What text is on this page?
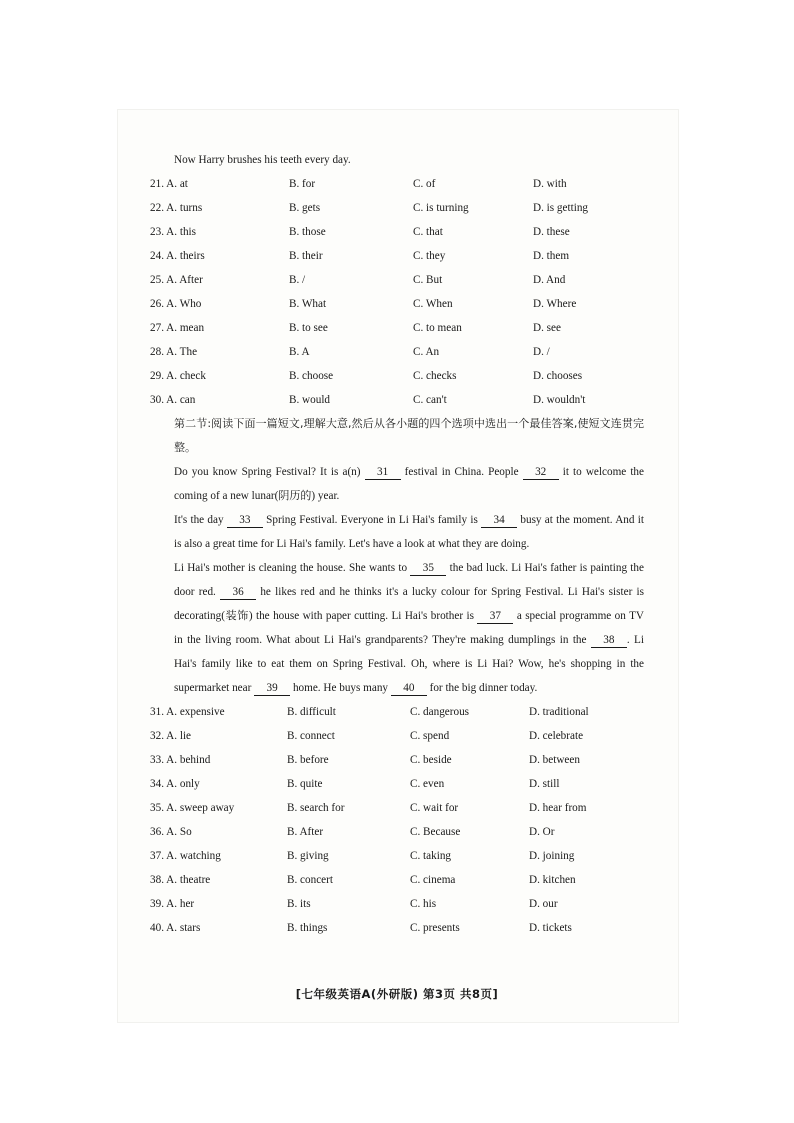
Now Harry brushes his teeth every day.
21. A. at	B. for	C. of	D. with
22. A. turns	B. gets	C. is turning	D. is getting
23. A. this	B. those	C. that	D. these
24. A. theirs	B. their	C. they	D. them
25. A. After	B. /	C. But	D. And
26. A. Who	B. What	C. When	D. Where
27. A. mean	B. to see	C. to mean	D. see
28. A. The	B. A	C. An	D. /
29. A. check	B. choose	C. checks	D. chooses
30. A. can	B. would	C. can't	D. wouldn't
第二节:阅读下面一篇短文,理解大意,然后从各小题的四个选项中选出一个最佳答案,使短文连贯完整。
Do you know Spring Festival? It is a(n) 31 festival in China. People 32 it to welcome the coming of a new lunar(阴历的) year.
It's the day 33 Spring Festival. Everyone in Li Hai's family is 34 busy at the moment. And it is also a great time for Li Hai's family. Let's have a look at what they are doing.
Li Hai's mother is cleaning the house. She wants to 35 the bad luck. Li Hai's father is painting the door red. 36 he likes red and he thinks it's a lucky colour for Spring Festival. Li Hai's sister is decorating(装饰) the house with paper cutting. Li Hai's brother is 37 a special programme on TV in the living room. What about Li Hai's grandparents? They're making dumplings in the 38 . Li Hai's family like to eat them on Spring Festival. Oh, where is Li Hai? Wow, he's shopping in the supermarket near 39 home. He buys many 40 for the big dinner today.
31. A. expensive	B. difficult	C. dangerous	D. traditional
32. A. lie	B. connect	C. spend	D. celebrate
33. A. behind	B. before	C. beside	D. between
34. A. only	B. quite	C. even	D. still
35. A. sweep away	B. search for	C. wait for	D. hear from
36. A. So	B. After	C. Because	D. Or
37. A. watching	B. giving	C. taking	D. joining
38. A. theatre	B. concert	C. cinema	D. kitchen
39. A. her	B. its	C. his	D. our
40. A. stars	B. things	C. presents	D. tickets
[七年级英语A(外研版) 第3页 共8页]
